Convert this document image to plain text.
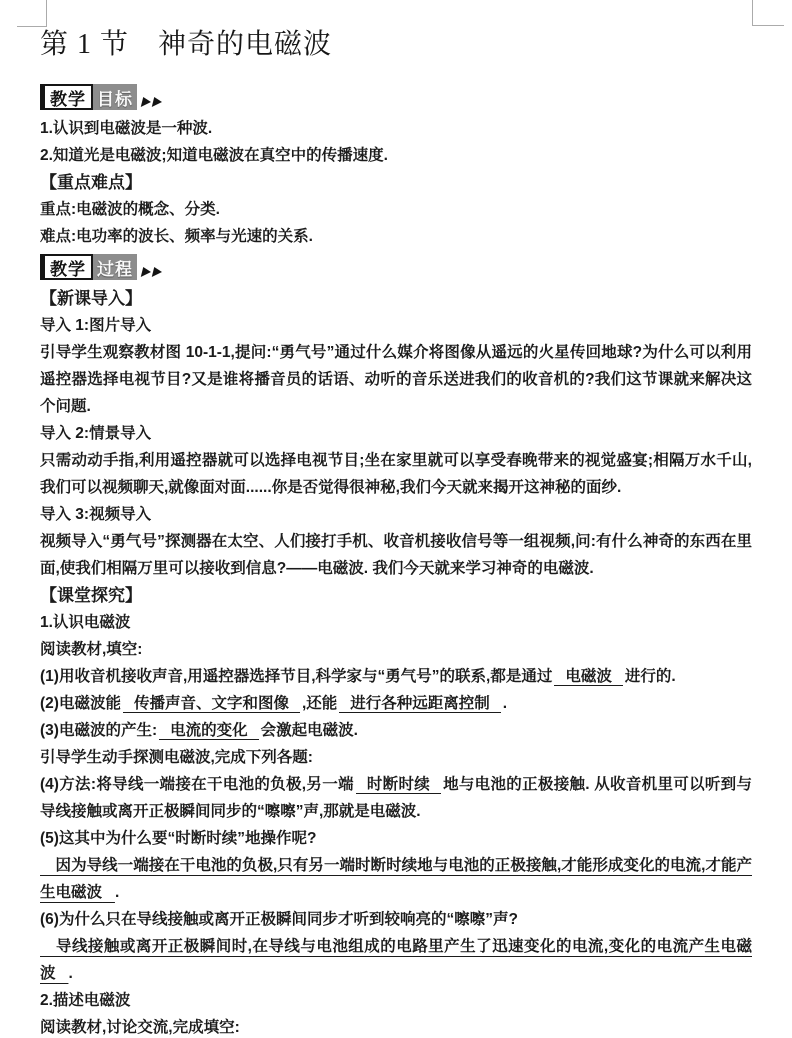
第 1 节　神奇的电磁波
教学 目标
1.认识到电磁波是一种波.
2.知道光是电磁波;知道电磁波在真空中的传播速度.
【重点难点】
重点:电磁波的概念、分类.
难点:电功率的波长、频率与光速的关系.
教学 过程
【新课导入】
导入 1:图片导入
引导学生观察教材图 10-1-1,提问:“勇气号”通过什么媒介将图像从遥远的火星传回地球?为什么可以利用遥控器选择电视节目?又是谁将播音员的话语、动听的音乐送进我们的收音机的?我们这节课就来解决这个问题.
导入 2:情景导入
只需动动手指,利用遥控器就可以选择电视节目;坐在家里就可以享受春晚带来的视觉盛宴;相隔万水千山,我们可以视频聊天,就像面对面......你是否觉得很神秘,我们今天就来揭开这神秘的面纱.
导入 3:视频导入
视频导入“勇气号”探测器在太空、人们接打手机、收音机接收信号等一组视频,问:有什么神奇的东西在里面,使我们相隔万里可以接收到信息?——电磁波. 我们今天就来学习神奇的电磁波.
【课堂探究】
1.认识电磁波
阅读教材,填空:
(1)用收音机接收声音,用遥控器选择节目,科学家与“勇气号”的联系,都是通过 电磁波 进行的.
(2)电磁波能 传播声音、文字和图像 ,还能 进行各种远距离控制 .
(3)电磁波的产生: 电流的变化 会激起电磁波.
引导学生动手探测电磁波,完成下列各题:
(4)方法:将导线一端接在干电池的负极,另一端 时断时续 地与电池的正极接触. 从收音机里可以听到与导线接触或离开正极瞬间同步的“嚓嚓”声,那就是电磁波.
(5)这其中为什么要“时断时续”地操作呢?
　因为导线一端接在干电池的负极,只有另一端时断时续地与电池的正极接触,才能形成变化的电流,才能产生电磁波 .
(6)为什么只在导线接触或离开正极瞬间同步才听到较响亮的“嚓嚓”声?
　导线接触或离开正极瞬间时,在导线与电池组成的电路里产生了迅速变化的电流,变化的电流产生电磁波 .
2.描述电磁波
阅读教材,讨论交流,完成填空:
